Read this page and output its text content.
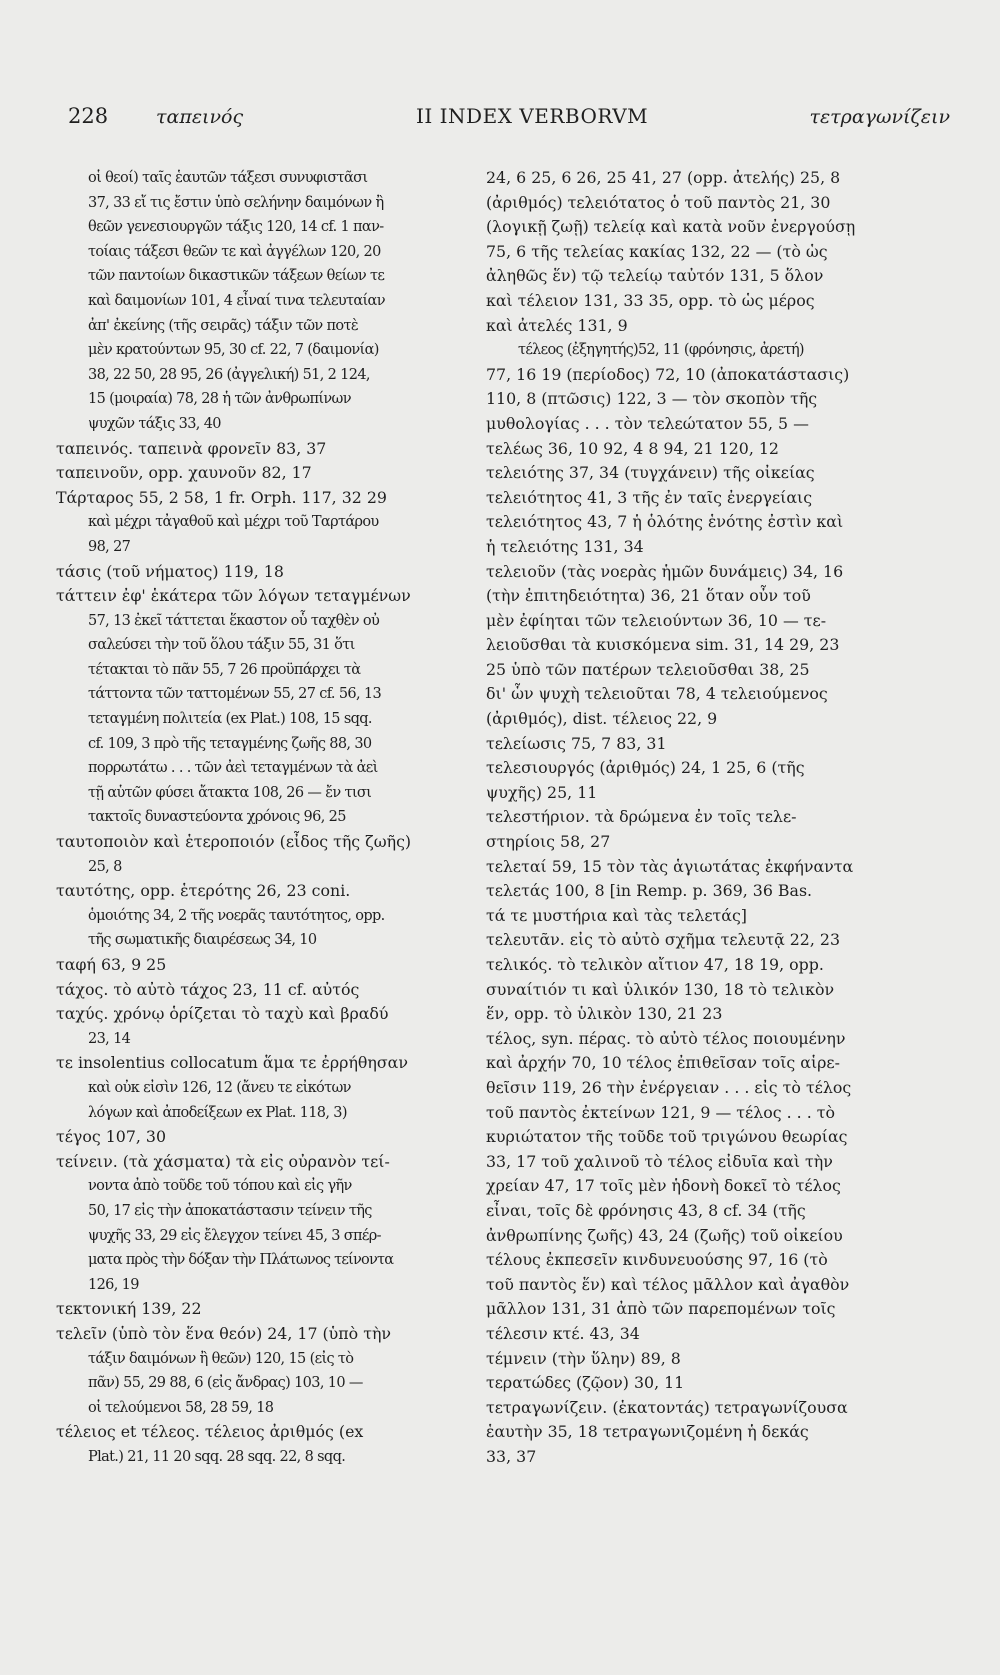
228	ταπεινός	II INDEX VERBORVM	τετραγωνίζειν
οἱ θεοί) ταῖς ἑαυτῶν τάξεσι συνυφιστᾶσι
37, 33 εἴ τις ἔστιν ὑπὸ σελήνην δαιμόνων ἢ
θεῶν γενεσιουργῶν τάξις 120, 14 cf. 1 παν-
τοίαις τάξεσι θεῶν τε καὶ ἀγγέλων 120, 20
τῶν παντοίων δικαστικῶν τάξεων θείων τε
καὶ δαιμονίων 101, 4 εἶναί τινα τελευταίαν
ἀπ' ἐκείνης (τῆς σειρᾶς) τάξιν τῶν ποτὲ
μὲν κρατούντων 95, 30 cf. 22, 7 (δαιμονία)
38, 22 50, 28 95, 26 (ἀγγελική) 51, 2 124,
15 (μοιραία) 78, 28 ἡ τῶν ἀνθρωπίνων
ψυχῶν τάξις 33, 40
ταπεινός. ταπεινὰ φρονεῖν 83, 37
ταπεινοῦν, opp. χαυνοῦν 82, 17
Τάρταρος 55, 2 58, 1 fr. Orph. 117, 32 29
καὶ μέχρι τἀγαθοῦ καὶ μέχρι τοῦ Ταρτάρου
98, 27
τάσις (τοῦ νήματος) 119, 18
τάττειν ἐφ' ἑκάτερα τῶν λόγων τεταγμένων
57, 13 ἐκεῖ τάττεται ἕκαστον οὗ ταχθὲν οὐ
σαλεύσει τὴν τοῦ ὅλου τάξιν 55, 31 ὅτι
τέτακται τὸ πᾶν 55, 7 26 προϋπάρχει τὰ
τάττοντα τῶν ταττομένων 55, 27 cf. 56, 13
τεταγμένη πολιτεία (ex Plat.) 108, 15 sqq.
cf. 109, 3 πρὸ τῆς τεταγμένης ζωῆς 88, 30
πορρωτάτω . . . τῶν ἀεὶ τεταγμένων τὰ ἀεὶ
τῇ αὑτῶν φύσει ἄτακτα 108, 26 — ἔν τισι
τακτοῖς δυναστεύοντα χρόνοις 96, 25
ταυτοποιὸν καὶ ἑτεροποιόν (εἶδος τῆς ζωῆς)
25, 8
ταυτότης, opp. ἑτερότης 26, 23 coni.
ὁμοιότης 34, 2 τῆς νοερᾶς ταυτότητος, opp.
τῆς σωματικῆς διαιρέσεως 34, 10
ταφή 63, 9 25
τάχος. τὸ αὐτὸ τάχος 23, 11 cf. αὐτός
ταχύς. χρόνῳ ὁρίζεται τὸ ταχὺ καὶ βραδύ
23, 14
τε insolentius collocatum ἅμα τε ἐρρήθησαν
καὶ οὐκ εἰσὶν 126, 12 (ἄνευ τε εἰκότων
λόγων καὶ ἀποδείξεων ex Plat. 118, 3)
τέγος 107, 30
τείνειν. (τὰ χάσματα) τὰ εἰς οὐρανὸν τεί-
νοντα ἀπὸ τοῦδε τοῦ τόπου καὶ εἰς γῆν
50, 17 εἰς τὴν ἀποκατάστασιν τείνειν τῆς
ψυχῆς 33, 29 εἰς ἔλεγχον τείνει 45, 3 σπέρ-
ματα πρὸς τὴν δόξαν τὴν Πλάτωνος τείνοντα
126, 19
τεκτονική 139, 22
τελεῖν (ὑπὸ τὸν ἕνα θεόν) 24, 17 (ὑπὸ τὴν
τάξιν δαιμόνων ἢ θεῶν) 120, 15 (εἰς τὸ
πᾶν) 55, 29 88, 6 (εἰς ἄνδρας) 103, 10 —
οἱ τελούμενοι 58, 28 59, 18
τέλειος et τέλεος. τέλειος ἀριθμός (ex
Plat.) 21, 11 20 sqq. 28 sqq. 22, 8 sqq.
24, 6 25, 6 26, 25 41, 27 (opp. ἀτελής) 25, 8
(ἀριθμός) τελειότατος ὁ τοῦ παντὸς 21, 30
(λογικῇ ζωῇ) τελείᾳ καὶ κατὰ νοῦν ἐνεργούσῃ
75, 6 τῆς τελείας κακίας 132, 22 — (τὸ ὡς
ἀληθῶς ἕν) τῷ τελείῳ ταὐτόν 131, 5 ὅλον
καὶ τέλειον 131, 33 35, opp. τὸ ὡς μέρος
καὶ ἀτελές 131, 9
τέλεος (ἐξηγητής)52, 11 (φρόνησις, ἀρετή)
77, 16 19 (περίοδος) 72, 10 (ἀποκατάστασις)
110, 8 (πτῶσις) 122, 3 — τὸν σκοπὸν τῆς
μυθολογίας . . . τὸν τελεώτατον 55, 5 —
τελέως 36, 10 92, 4 8 94, 21 120, 12
τελειότης 37, 34 (τυγχάνειν) τῆς οἰκείας
τελειότητος 41, 3 τῆς ἐν ταῖς ἐνεργείαις
τελειότητος 43, 7 ἡ ὁλότης ἑνότης ἐστὶν καὶ
ἡ τελειότης 131, 34
τελειοῦν (τὰς νοερὰς ἡμῶν δυνάμεις) 34, 16
(τὴν ἐπιτηδειότητα) 36, 21 ὅταν οὖν τοῦ
μὲν ἐφίηται τῶν τελειούντων 36, 10 — τε-
λειοῦσθαι τὰ κυισκόμενα sim. 31, 14 29, 23
25 ὑπὸ τῶν πατέρων τελειοῦσθαι 38, 25
δι' ὧν ψυχὴ τελειοῦται 78, 4 τελειούμενος
(ἀριθμός), dist. τέλειος 22, 9
τελείωσις 75, 7 83, 31
τελεσιουργός (ἀριθμός) 24, 1 25, 6 (τῆς
ψυχῆς) 25, 11
τελεστήριον. τὰ δρώμενα ἐν τοῖς τελε-
στηρίοις 58, 27
τελεταί 59, 15 τὸν τὰς ἁγιωτάτας ἐκφήναντα
τελετάς 100, 8 [in Remp. p. 369, 36 Bas.
τά τε μυστήρια καὶ τὰς τελετάς]
τελευτᾶν. εἰς τὸ αὐτὸ σχῆμα τελευτᾷ 22, 23
τελικός. τὸ τελικὸν αἴτιον 47, 18 19, opp.
συναίτιόν τι καὶ ὑλικόν 130, 18 τὸ τελικὸν
ἕν, opp. τὸ ὑλικὸν 130, 21 23
τέλος, syn. πέρας. τὸ αὐτὸ τέλος ποιουμένην
καὶ ἀρχήν 70, 10 τέλος ἐπιθεῖσαν τοῖς αἱρε-
θεῖσιν 119, 26 τὴν ἐνέργειαν . . . εἰς τὸ τέλος
τοῦ παντὸς ἐκτείνων 121, 9 — τέλος . . . τὸ
κυριώτατον τῆς τοῦδε τοῦ τριγώνου θεωρίας
33, 17 τοῦ χαλινοῦ τὸ τέλος εἰδυῖα καὶ τὴν
χρείαν 47, 17 τοῖς μὲν ἡδονὴ δοκεῖ τὸ τέλος
εἶναι, τοῖς δὲ φρόνησις 43, 8 cf. 34 (τῆς
ἀνθρωπίνης ζωῆς) 43, 24 (ζωῆς) τοῦ οἰκείου
τέλους ἐκπεσεῖν κινδυνευούσης 97, 16 (τὸ
τοῦ παντὸς ἕν) καὶ τέλος μᾶλλον καὶ ἀγαθὸν
μᾶλλον 131, 31 ἀπὸ τῶν παρεπομένων τοῖς
τέλεσιν κτέ. 43, 34
τέμνειν (τὴν ὕλην) 89, 8
τερατώδες (ζῷον) 30, 11
τετραγωνίζειν. (ἑκατοντάς) τετραγωνίζουσα
ἑαυτὴν 35, 18 τετραγωνιζομένη ἡ δεκάς
33, 37
